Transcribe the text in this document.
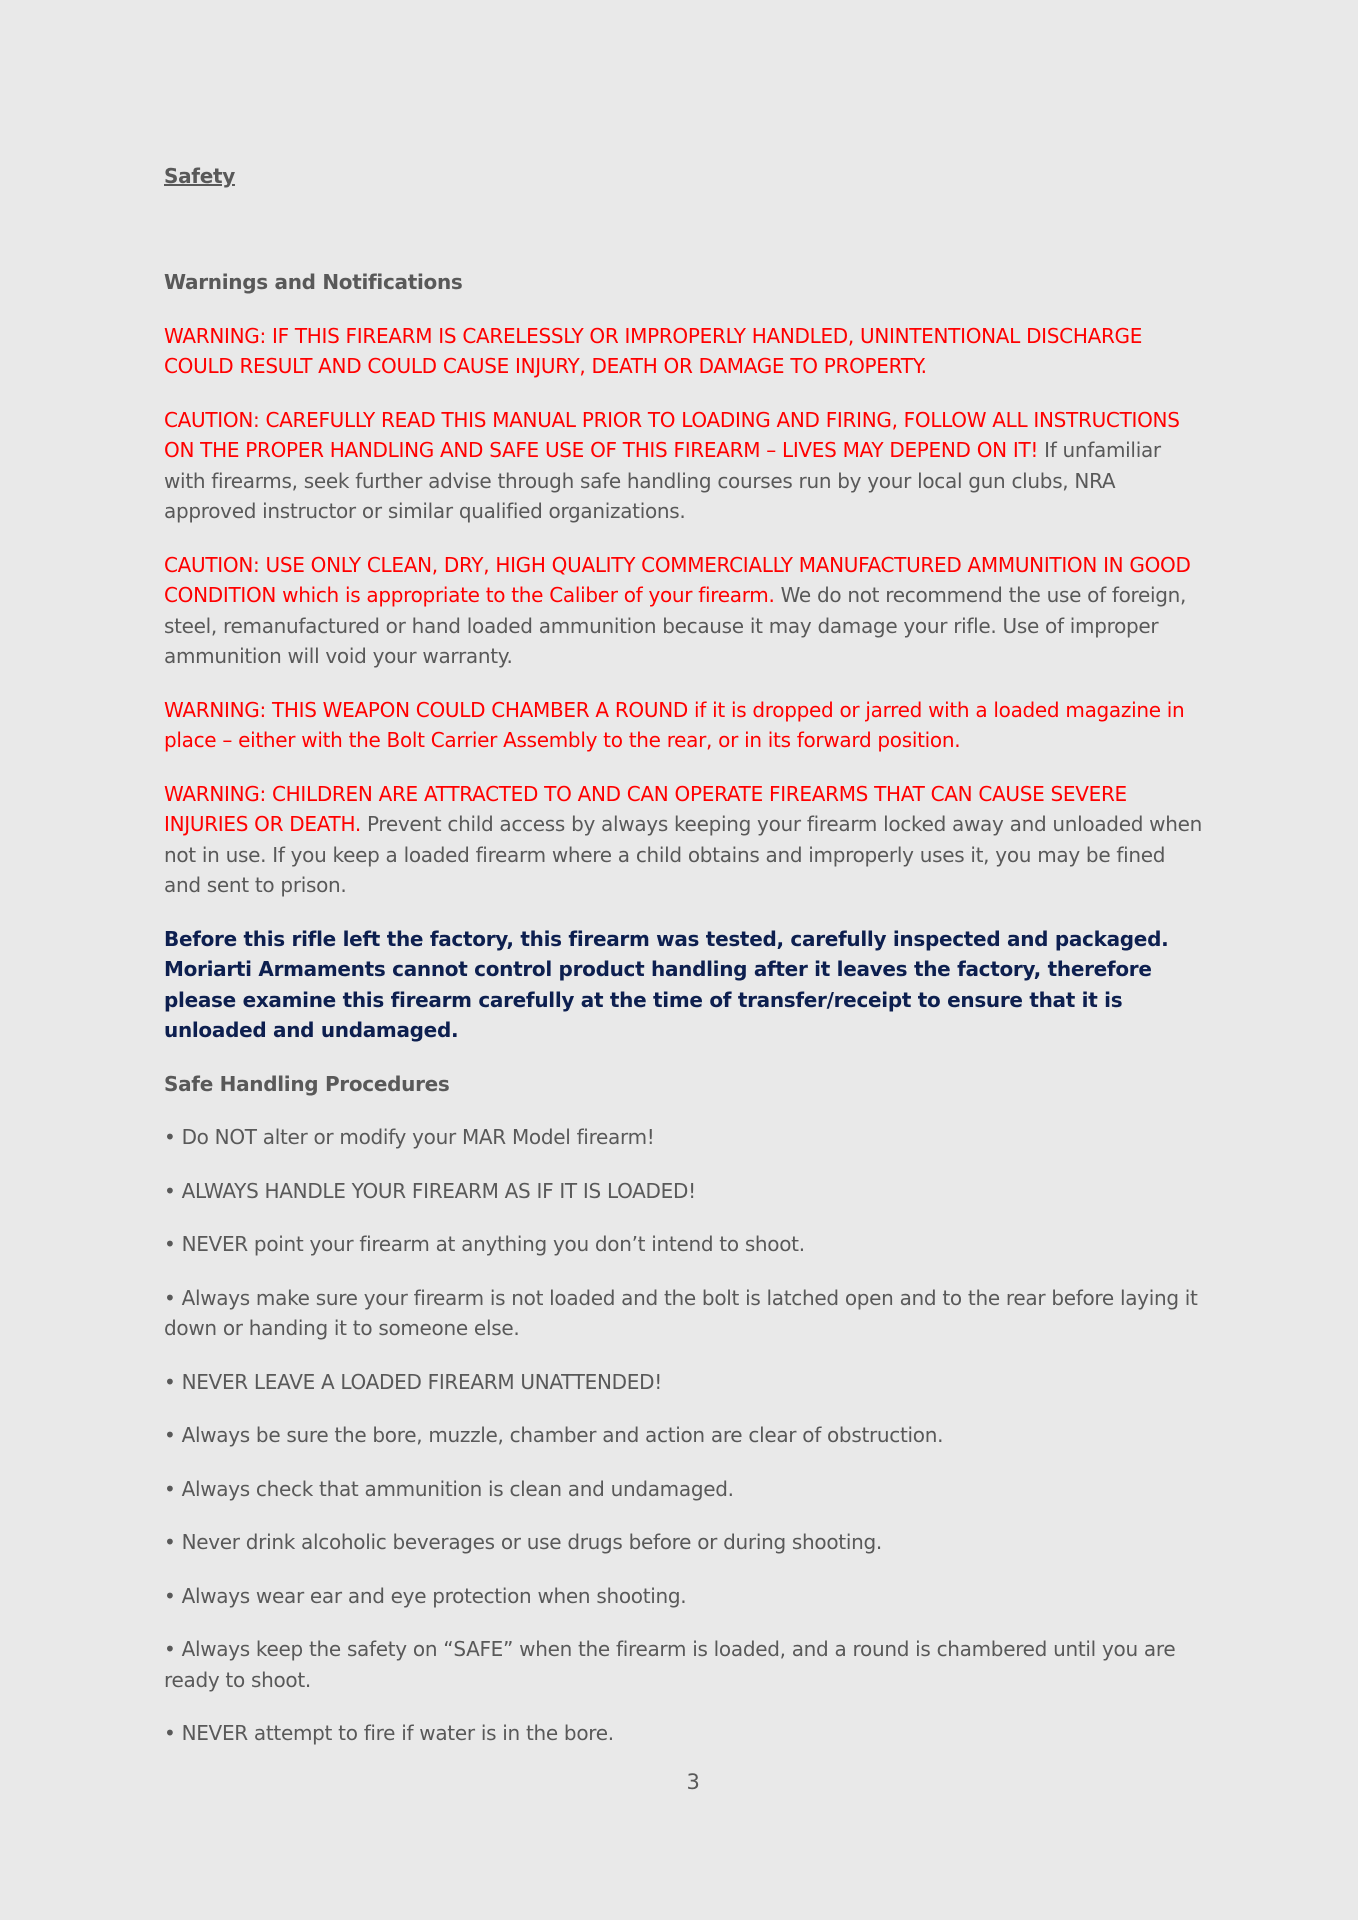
Safety
Warnings and Notifications

WARNING: IF THIS FIREARM IS CARELESSLY OR IMPROPERLY HANDLED, UNINTENTIONAL DISCHARGE COULD RESULT AND COULD CAUSE INJURY, DEATH OR DAMAGE TO PROPERTY.

CAUTION: CAREFULLY READ THIS MANUAL PRIOR TO LOADING AND FIRING, FOLLOW ALL INSTRUCTIONS ON THE PROPER HANDLING AND SAFE USE OF THIS FIREARM – LIVES MAY DEPEND ON IT! If unfamiliar with firearms, seek further advise through safe handling courses run by your local gun clubs, NRA approved instructor or similar qualified organizations.

CAUTION: USE ONLY CLEAN, DRY, HIGH QUALITY COMMERCIALLY MANUFACTURED AMMUNITION IN GOOD CONDITION which is appropriate to the Caliber of your firearm. We do not recommend the use of foreign, steel, remanufactured or hand loaded ammunition because it may damage your rifle. Use of improper ammunition will void your warranty.

WARNING: THIS WEAPON COULD CHAMBER A ROUND if it is dropped or jarred with a loaded magazine in place – either with the Bolt Carrier Assembly to the rear, or in its forward position.

WARNING: CHILDREN ARE ATTRACTED TO AND CAN OPERATE FIREARMS THAT CAN CAUSE SEVERE INJURIES OR DEATH. Prevent child access by always keeping your firearm locked away and unloaded when not in use. If you keep a loaded firearm where a child obtains and improperly uses it, you may be fined and sent to prison.

Before this rifle left the factory, this firearm was tested, carefully inspected and packaged. Moriarti Armaments cannot control product handling after it leaves the factory, therefore please examine this firearm carefully at the time of transfer/receipt to ensure that it is unloaded and undamaged.

Safe Handling Procedures

• Do NOT alter or modify your MAR Model firearm!

• ALWAYS HANDLE YOUR FIREARM AS IF IT IS LOADED!

• NEVER point your firearm at anything you don’t intend to shoot.

• Always make sure your firearm is not loaded and the bolt is latched open and to the rear before laying it down or handing it to someone else.

• NEVER LEAVE A LOADED FIREARM UNATTENDED!

• Always be sure the bore, muzzle, chamber and action are clear of obstruction.

• Always check that ammunition is clean and undamaged.

• Never drink alcoholic beverages or use drugs before or during shooting.

• Always wear ear and eye protection when shooting.

• Always keep the safety on “SAFE” when the firearm is loaded, and a round is chambered until you are ready to shoot.

• NEVER attempt to fire if water is in the bore.

3
